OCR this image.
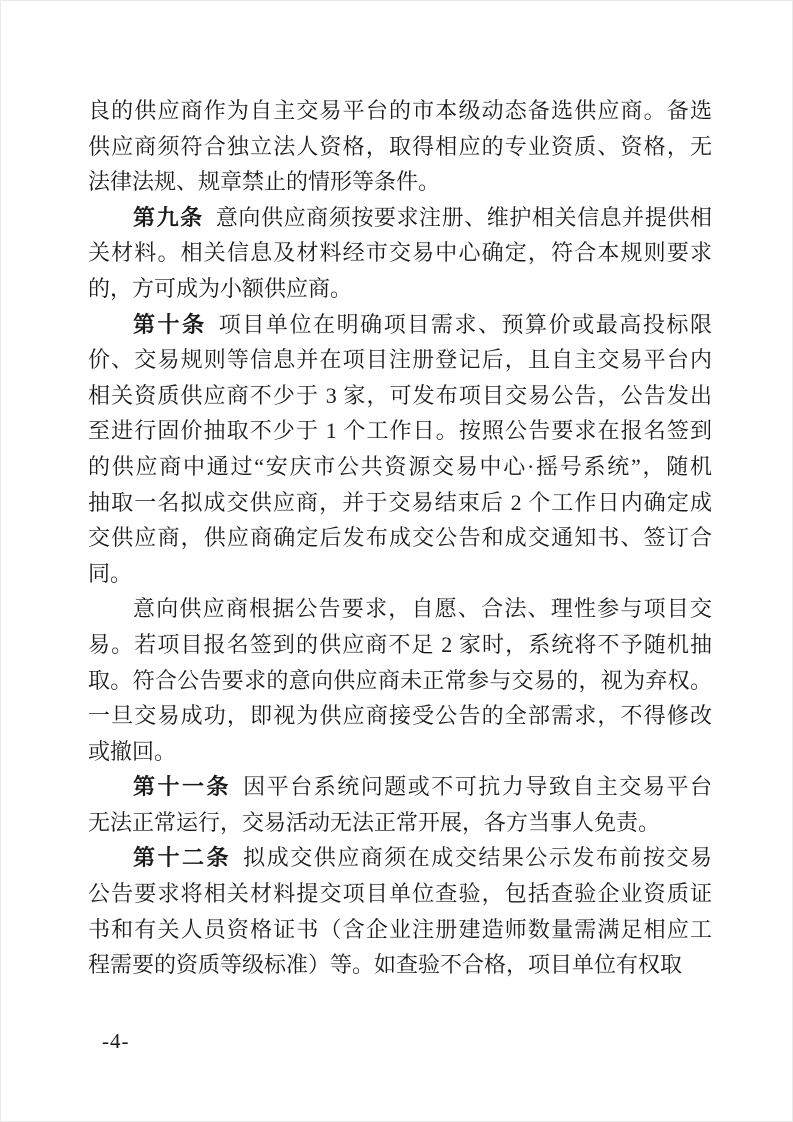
良的供应商作为自主交易平台的市本级动态备选供应商。备选
供应商须符合独立法人资格，取得相应的专业资质、资格，无
法律法规、规章禁止的情形等条件。
第九条 意向供应商须按要求注册、维护相关信息并提供相
关材料。相关信息及材料经市交易中心确定，符合本规则要求
的，方可成为小额供应商。
第十条 项目单位在明确项目需求、预算价或最高投标限
价、交易规则等信息并在项目注册登记后，且自主交易平台内
相关资质供应商不少于 3 家，可发布项目交易公告，公告发出
至进行固价抽取不少于 1 个工作日。按照公告要求在报名签到
的供应商中通过“安庆市公共资源交易中心·摇号系统”，随机
抽取一名拟成交供应商，并于交易结束后 2 个工作日内确定成
交供应商，供应商确定后发布成交公告和成交通知书、签订合
同。
意向供应商根据公告要求，自愿、合法、理性参与项目交
易。若项目报名签到的供应商不足 2 家时，系统将不予随机抽
取。符合公告要求的意向供应商未正常参与交易的，视为弃权。
一旦交易成功，即视为供应商接受公告的全部需求，不得修改
或撤回。
第十一条 因平台系统问题或不可抗力导致自主交易平台
无法正常运行，交易活动无法正常开展，各方当事人免责。
第十二条 拟成交供应商须在成交结果公示发布前按交易
公告要求将相关材料提交项目单位查验，包括查验企业资质证
书和有关人员资格证书（含企业注册建造师数量需满足相应工
程需要的资质等级标准）等。如查验不合格，项目单位有权取
-4-
